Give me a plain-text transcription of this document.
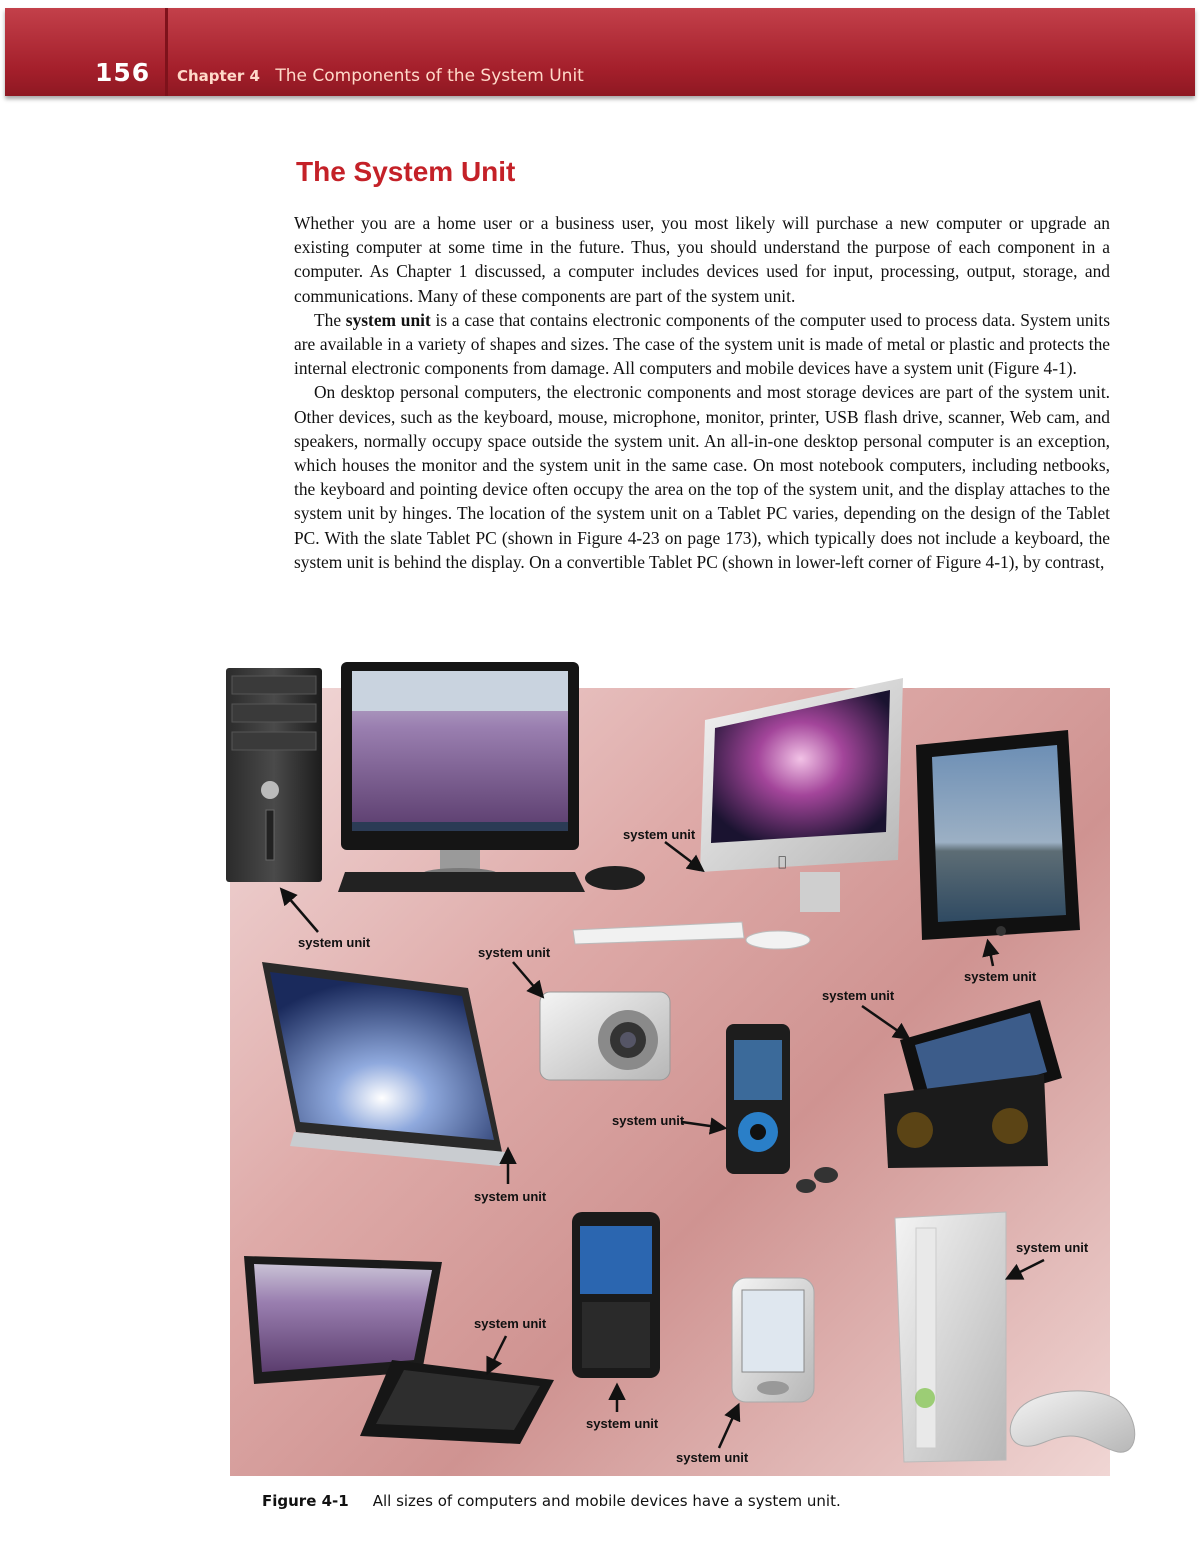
156 Chapter 4 The Components of the System Unit
The System Unit

Whether you are a home user or a business user, you most likely will purchase a new computer or upgrade an existing computer at some time in the future. Thus, you should understand the purpose of each component in a computer. As Chapter 1 discussed, a computer includes devices used for input, processing, output, storage, and communications. Many of these components are part of the system unit.

The system unit is a case that contains electronic components of the computer used to process data. System units are available in a variety of shapes and sizes. The case of the system unit is made of metal or plastic and protects the internal electronic components from damage. All computers and mobile devices have a system unit (Figure 4-1).

On desktop personal computers, the electronic components and most storage devices are part of the system unit. Other devices, such as the keyboard, mouse, microphone, monitor, printer, USB flash drive, scanner, Web cam, and speakers, normally occupy space outside the system unit. An all-in-one desktop personal computer is an exception, which houses the monitor and the system unit in the same case. On most notebook computers, including netbooks, the keyboard and pointing device often occupy the area on the top of the system unit, and the display attaches to the system unit by hinges. The location of the system unit on a Tablet PC varies, depending on the design of the Tablet PC. With the slate Tablet PC (shown in Figure 4-23 on page 173), which typically does not include a keyboard, the system unit is behind the display. On a convertible Tablet PC (shown in lower-left corner of Figure 4-1), by contrast,

system unit
system unit
system unit
system unit
system unit
system unit
system unit
system unit
system unit
system unit
system unit

Figure 4-1 All sizes of computers and mobile devices have a system unit.
